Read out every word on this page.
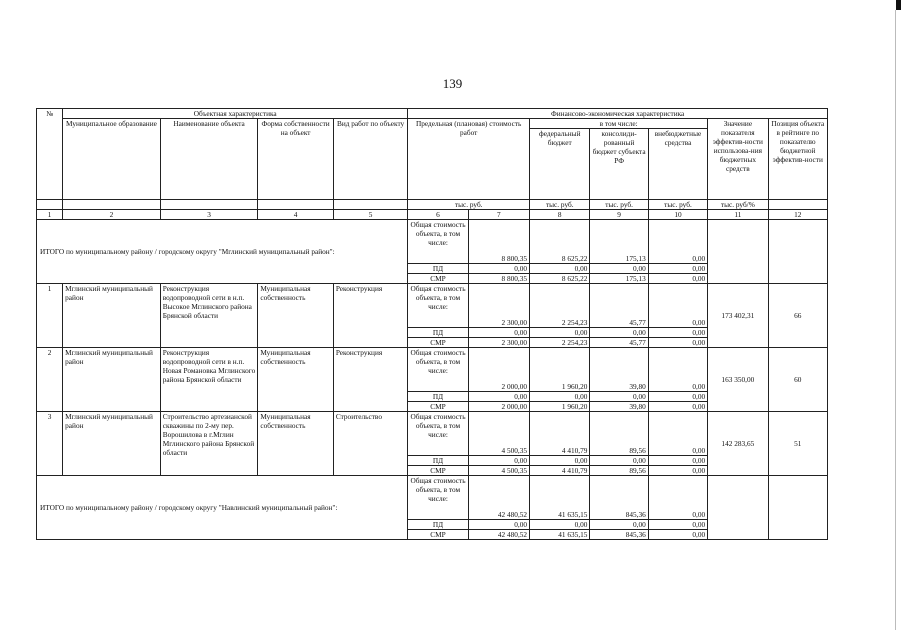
139
№	Объектная характеристика				Финансово-экономическая характеристика						
	Муниципальное образование	Наименование объекта	Форма собственности на объект	Вид работ по объекту	Предельная (плановая) стоимость работ		в том числе:			Значение показателя эффектив-ности использова-ния бюджетных средств	Позиция объекта в рейтинге по показателю бюджетной эффектив-ности
							федеральный бюджет	консолиди-рованный бюджет субъекта РФ	внебюджетные средства		
					тыс. руб.		тыс. руб.	тыс. руб.	тыс. руб.	тыс. руб/%	
1	2	3	4	5	6	7	8	9	10	11	12
ИТОГО по муниципальному району / городскому округу "Мглинский муниципальный район":					Общая стоимость объекта, в том числе:	8 800,35	8 625,22	175,13	0,00		
					ПД	0,00	0,00	0,00	0,00		
					СМР	8 800,35	8 625,22	175,13	0,00		
1	Мглинский муниципальный район	Реконструкция водопроводной сети в н.п. Высокое Мглинского района Брянской области	Муниципальная собственность	Реконструкция	Общая стоимость объекта, в том числе:	2 300,00	2 254,23	45,77	0,00	173 402,31	66
					ПД	0,00	0,00	0,00	0,00		
					СМР	2 300,00	2 254,23	45,77	0,00		
2	Мглинский муниципальный район	Реконструкция водопроводной сети в н.п. Новая Романовка Мглинского района Брянской области	Муниципальная собственность	Реконструкция	Общая стоимость объекта, в том числе:	2 000,00	1 960,20	39,80	0,00	163 350,00	60
					ПД	0,00	0,00	0,00	0,00		
					СМР	2 000,00	1 960,20	39,80	0,00		
3	Мглинский муниципальный район	Строительство артезианской скважины по 2-му пер. Ворошилова в г.Мглин Мглинского района Брянской области	Муниципальная собственность	Строительство	Общая стоимость объекта, в том числе:	4 500,35	4 410,79	89,56	0,00	142 283,65	51
					ПД	0,00	0,00	0,00	0,00		
					СМР	4 500,35	4 410,79	89,56	0,00		
ИТОГО по муниципальному району / городскому округу "Навлинский муниципальный район":					Общая стоимость объекта, в том числе:	42 480,52	41 635,15	845,36	0,00		
					ПД	0,00	0,00	0,00	0,00		
					СМР	42 480,52	41 635,15	845,36	0,00		
